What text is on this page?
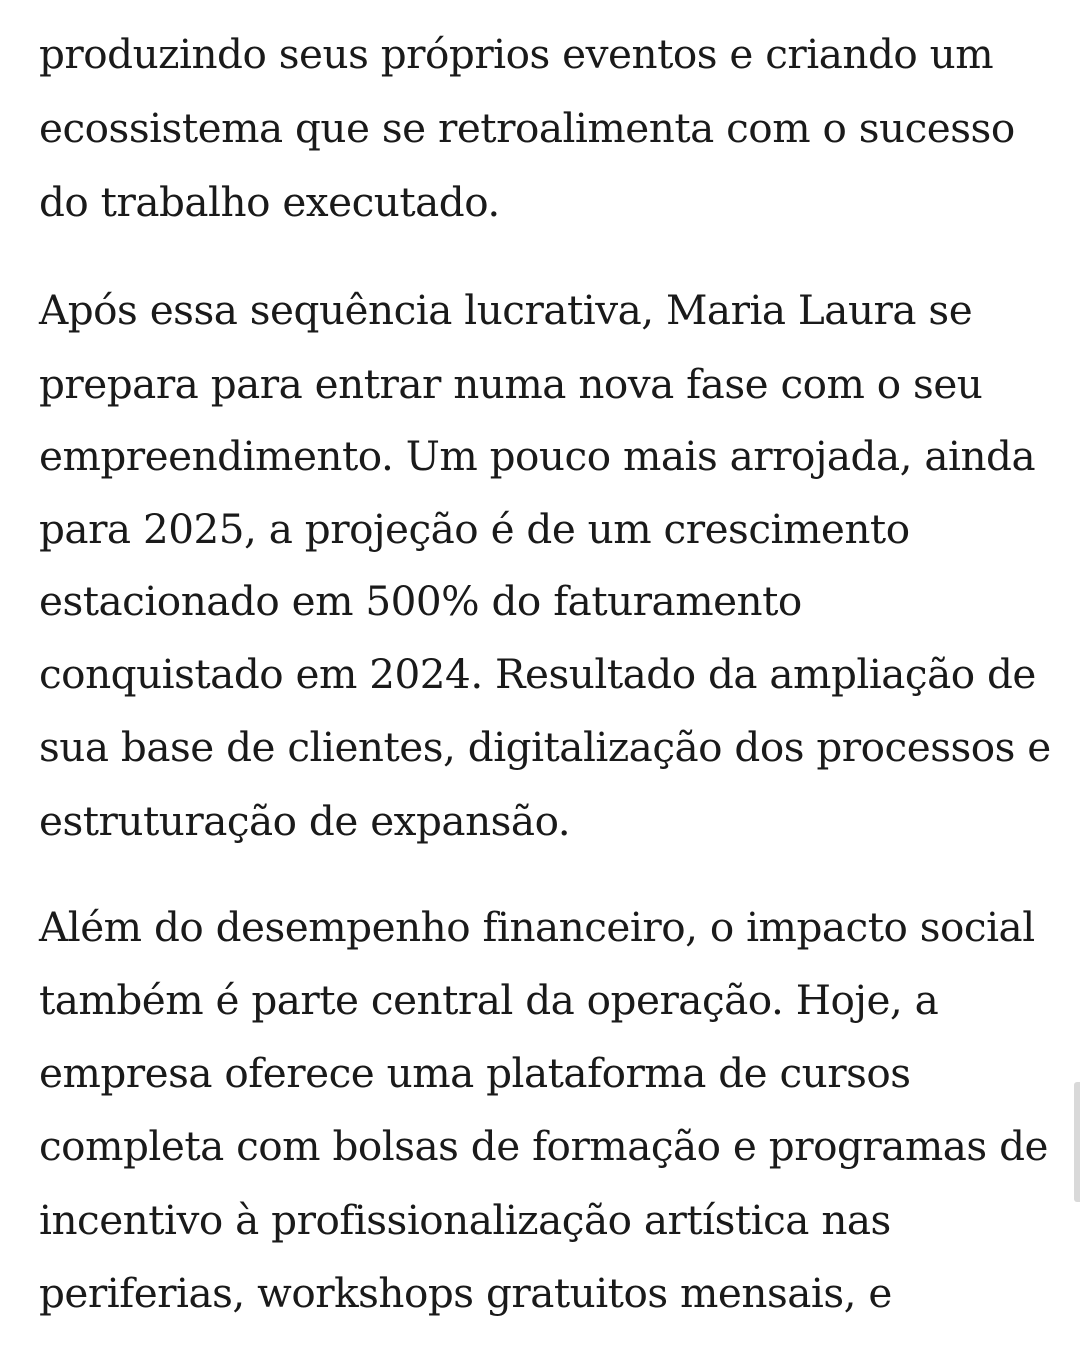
produzindo seus próprios eventos e criando um
ecossistema que se retroalimenta com o sucesso
do trabalho executado.
Após essa sequência lucrativa, Maria Laura se
prepara para entrar numa nova fase com o seu
empreendimento. Um pouco mais arrojada, ainda
para 2025, a projeção é de um crescimento
estacionado em 500% do faturamento
conquistado em 2024. Resultado da ampliação de
sua base de clientes, digitalização dos processos e
estruturação de expansão.
Além do desempenho financeiro, o impacto social
também é parte central da operação. Hoje, a
empresa oferece uma plataforma de cursos
completa com bolsas de formação e programas de
incentivo à profissionalização artística nas
periferias, workshops gratuitos mensais, e
